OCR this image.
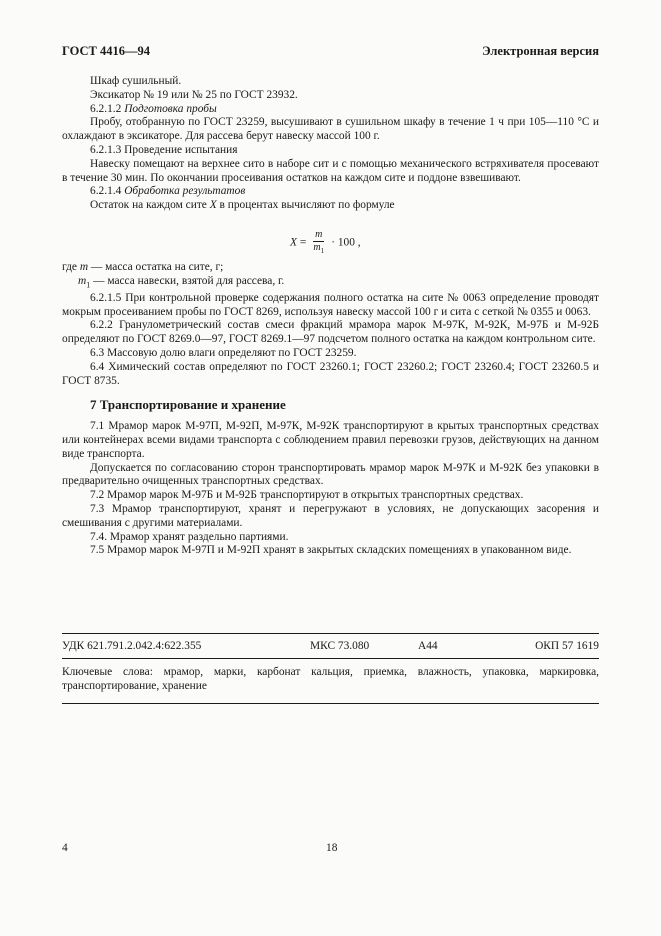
ГОСТ 4416—94	Электронная версия

Шкаф сушильный.

Эксикатор № 19 или № 25 по ГОСТ 23932.

6.2.1.2 Подготовка пробы

Пробу, отобранную по ГОСТ 23259, высушивают в сушильном шкафу в течение 1 ч при 105—110 °С и охлаждают в эксикаторе. Для рассева берут навеску массой 100 г.

6.2.1.3 Проведение испытания

Навеску помещают на верхнее сито в наборе сит и с помощью механического встряхивателя просевают в течение 30 мин. По окончании просеивания остатков на каждом сите и поддоне взвешивают.

6.2.1.4 Обработка результатов

Остаток на каждом сите X в процентах вычисляют по формуле

$X = \frac{m}{m_1} \cdot 100$ ,

где m — масса остатка на сите, г;

$m_1$ — масса навески, взятой для рассева, г.

6.2.1.5 При контрольной проверке содержания полного остатка на сите № 0063 определение проводят мокрым просеиванием пробы по ГОСТ 8269, используя навеску массой 100 г и сита с сеткой № 0355 и 0063.

6.2.2 Гранулометрический состав смеси фракций мрамора марок М-97К, М-92К, М-97Б и М-92Б определяют по ГОСТ 8269.0—97, ГОСТ 8269.1—97 подсчетом полного остатка на каждом контрольном сите.

6.3 Массовую долю влаги определяют по ГОСТ 23259.

6.4 Химический состав определяют по ГОСТ 23260.1; ГОСТ 23260.2; ГОСТ 23260.4; ГОСТ 23260.5 и ГОСТ 8735.

7 Транспортирование и хранение

7.1 Мрамор марок М-97П, М-92П, М-97К, М-92К транспортируют в крытых транспортных средствах или контейнерах всеми видами транспорта с соблюдением правил перевозки грузов, действующих на данном виде транспорта.

Допускается по согласованию сторон транспортировать мрамор марок М-97К и М-92К без упаковки в предварительно очищенных транспортных средствах.

7.2 Мрамор марок М-97Б и М-92Б транспортируют в открытых транспортных средствах.

7.3 Мрамор транспортируют, хранят и перегружают в условиях, не допускающих засорения и смешивания с другими материалами.

7.4. Мрамор хранят раздельно партиями.

7.5 Мрамор марок М-97П и М-92П хранят в закрытых складских помещениях в упакованном виде.

УДК 621.791.2.042.4:622.355	МКС 73.080	А44	ОКП 57 1619
Ключевые слова: мрамор, марки, карбонат кальция, приемка, влажность, упаковка, маркировка, транспортирование, хранение
4	18
